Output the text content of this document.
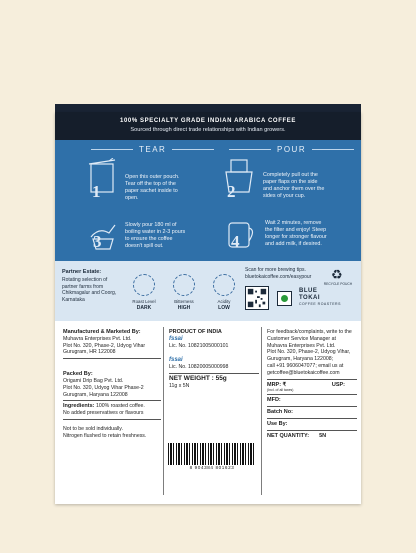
100% SPECIALTY GRADE INDIAN ARABICA COFFEE
Sourced through direct trade relationships with Indian growers.
TEAR	POUR
1
Open this outer pouch. Tear off the top of the paper sachet inside to open.	2
Completely pull out the paper flaps on the side and anchor them over the sides of your cup.
3
Slowly pour 180 ml of boiling water in 2-3 pours to ensure the coffee doesn't spill out.	4
Wait 2 minutes, remove the filter and enjoy! Steep longer for stronger flavour and add milk, if desired.
Partner Estate:
Rotating selection of partner farms from Chikmagalur and Coorg, Karnataka	Roast Level
DARK
Bitterness
HIGH
Acidity
LOW
Scan for more brewing tips.
bluetokaicoffee.com/easypour
BLUE
TOKAI
COFFEE ROASTERS
♻
RECYCLE POUCH
Manufactured & Marketed By:
Muhavra Enterprises Pvt. Ltd.
Plot No. 320, Phase-2, Udyog Vihar
Gurugram, HR 122008
Packed By:
Origami Drip Bag Pvt. Ltd.
Plot No. 320, Udyog Vihar Phase-2
Gurugram, Haryana 122008
Ingredients: 100% roasted coffee.
No added preservatives or flavours
Not to be sold individually.
Nitrogen flushed to retain freshness.
PRODUCT OF INDIA
fssai
Lic. No. 10821005000101
fssai
Lic. No. 10820005000998
NET WEIGHT : 55g
11g x 5N
8 904384 801623
For feedback/complaints, write to the
Customer Service Manager at
Muhavra Enterprises Pvt. Ltd.
Plot No. 320, Phase-2, Udyog Vihar,
Gurugram, Haryana 122008;
call +91 9606047077; email us at
getcoffee@bluetokaicoffee.com
MRP: ₹	USP:
(Incl. of all taxes)
MFD:
Batch No:
Use By:
NET QUANTITY: 5N
